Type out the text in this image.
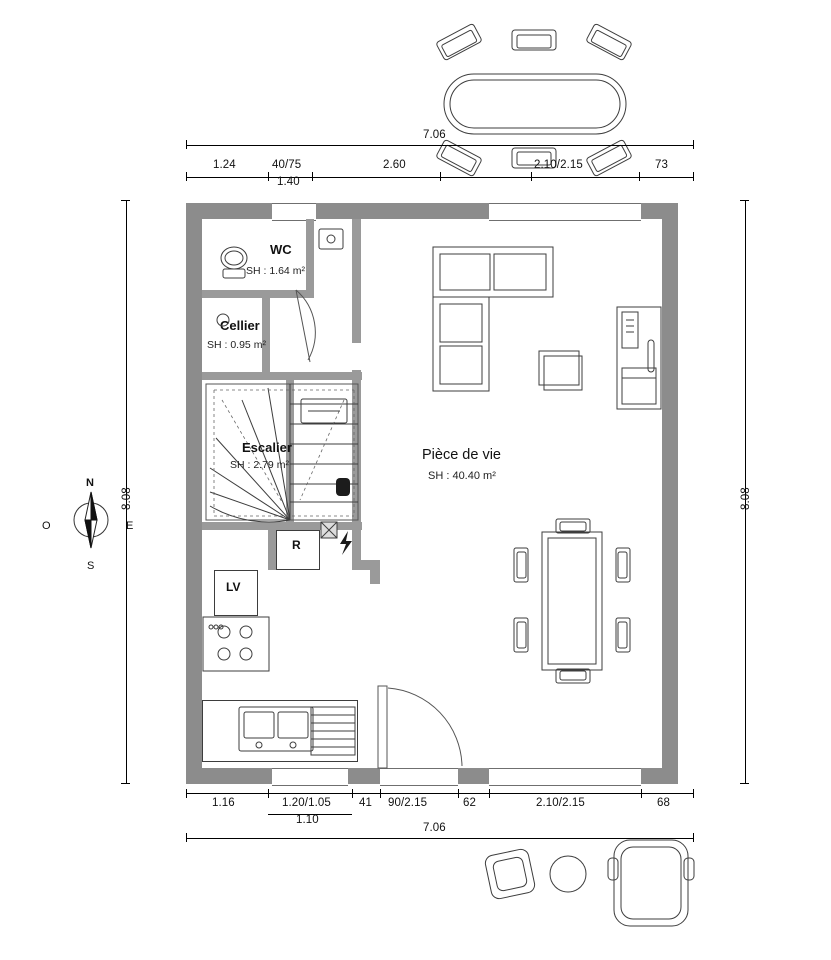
7.06
1.24	40/75	2.60	2.10/2.15	73
1.40
8.08	8.08
WC
SH : 1.64 m²
Cellier
SH : 0.95 m²
Escalier
SH : 2.79 m²
R
LV
Pièce de vie
SH : 40.40 m²
1.16	1.20/1.05 41 90/2.15	62	2.10/2.15	68
1.10
7.06
N
S
O	E
